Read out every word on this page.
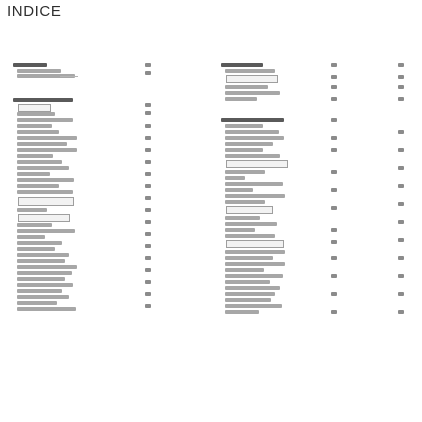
INDICE
